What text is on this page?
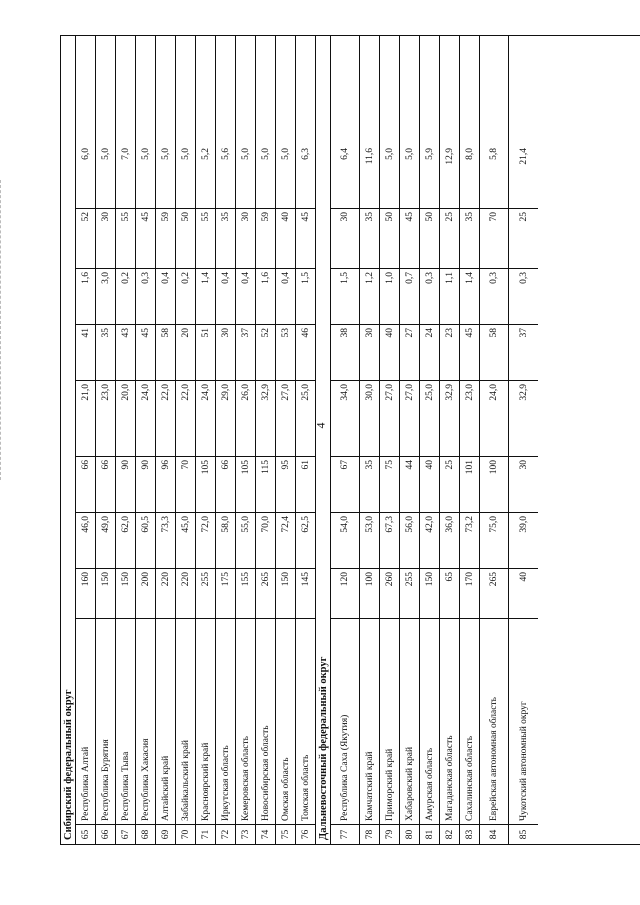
4
Сибирский федеральный округ 65
Республика Алтай
160
46,0
66
21,0
41
1,6
52
6,0
66
Республика Бурятия
150
49,0
66
23,0
35
3,0
30
5,0
67
Республика Тыва
150
62,0
90
20,0
43
0,2
55
7,0
68
Республика Хакасия
200
60,5
90
24,0
45
0,3
45
5,0
69
Алтайский край
220
73,3
96
22,0
58
0,4
59
5,0
70
Забайкальский край
220
45,0
70
22,0
20
0,2
50
5,0
71
Красноярский край
255
72,0
105
24,0
51
1,4
55
5,2
72
Иркутская область
175
58,0
66
29,0
30
0,4
35
5,6
73
Кемеровская область
155
55,0
105
26,0
37
0,4
30
5,0
74
Новосибирская область
265
70,0
115
32,9
52
1,6
59
5,0
75
Омская область
150
72,4
95
27,0
53
0,4
40
5,0
76
Томская область
145
62,5
61
25,0
46
1,5
45
6,3
Дальневосточный федеральный округ	77
Республика Саха (Якутия)
120
54,0
67
34,0
38
1,5
30
6,4
78
Камчатский край
100
53,0
35
30,0
30
1,2
35
11,6
79
Приморский край
260
67,3
75
27,0
40
1,0
50
5,0
80
Хабаровский край
255
56,0
44
27,0
27
0,7
45
5,0
81
Амурская область
150
42,0
40
25,0
24
0,3
50
5,9
82
Магаданская область
65
36,0
25
32,9
23
1,1
25
12,9
83
Сахалинская область
170
73,2
101
23,0
45
1,4
35
8,0
84
Еврейская автономная область
265
75,0
100
24,0
58
0,3
70
5,8
85
Чукотский автономный округ
40
39,0
30
32,9
37
0,3
25
21,4
